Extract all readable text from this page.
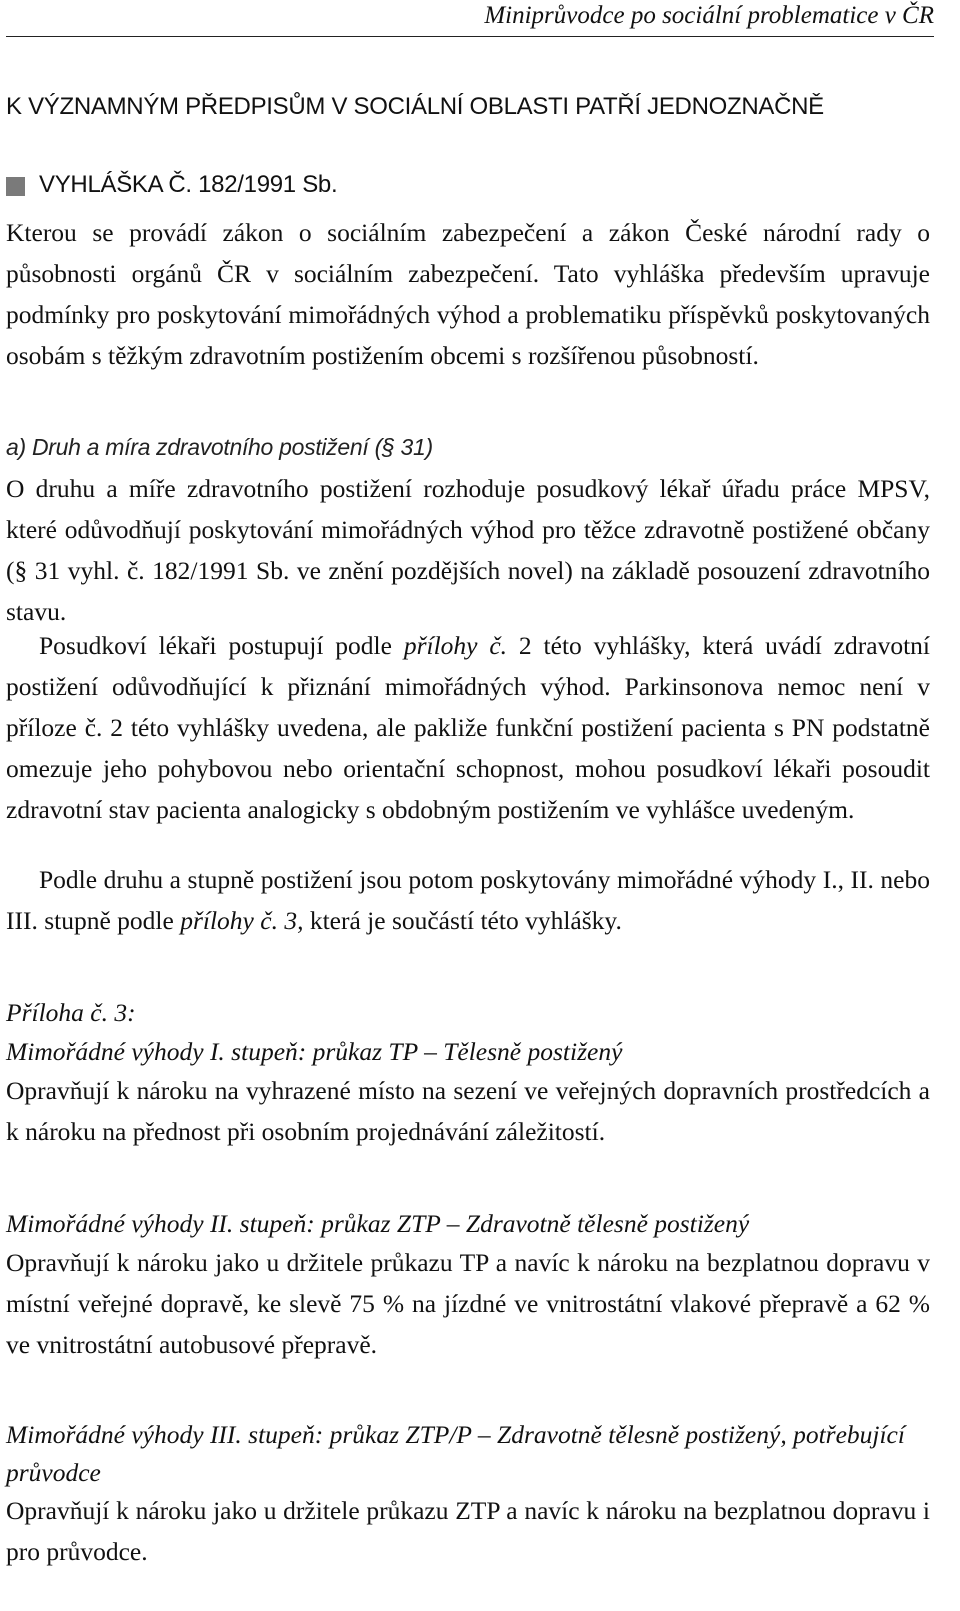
Miniprůvodce po sociální problematice v ČR
K VÝZNAMNÝM PŘEDPISŮM V SOCIÁLNÍ OBLASTI PATŘÍ JEDNOZNAČNĚ
VYHLÁŠKA Č. 182/1991 Sb.
Kterou se provádí zákon o sociálním zabezpečení a zákon České národní rady o působnosti orgánů ČR v sociálním zabezpečení. Tato vyhláška především upravuje podmínky pro poskytování mimořádných výhod a problematiku příspěvků poskytovaných osobám s těžkým zdravotním postižením obcemi s rozšířenou působností.
a) Druh a míra zdravotního postižení (§ 31)
O druhu a míře zdravotního postižení rozhoduje posudkový lékař úřadu práce MPSV, které odůvodňují poskytování mimořádných výhod pro těžce zdravotně postižené občany (§ 31 vyhl. č. 182/1991 Sb. ve znění pozdějších novel) na základě posouzení zdravotního stavu.
Posudkoví lékaři postupují podle přílohy č. 2 této vyhlášky, která uvádí zdravotní postižení odůvodňující k přiznání mimořádných výhod. Parkinsonova nemoc není v příloze č. 2 této vyhlášky uvedena, ale pakliže funkční postižení pacienta s PN podstatně omezuje jeho pohybovou nebo orientační schopnost, mohou posudkoví lékaři posoudit zdravotní stav pacienta analogicky s obdobným postižením ve vyhlášce uvedeným.
Podle druhu a stupně postižení jsou potom poskytovány mimořádné výhody I., II. nebo III. stupně podle přílohy č. 3, která je součástí této vyhlášky.
Příloha č. 3:
Mimořádné výhody I. stupeň: průkaz TP – Tělesně postižený
Opravňují k nároku na vyhrazené místo na sezení ve veřejných dopravních prostředcích a k nároku na přednost při osobním projednávání záležitostí.
Mimořádné výhody II. stupeň: průkaz ZTP – Zdravotně tělesně postižený
Opravňují k nároku jako u držitele průkazu TP a navíc k nároku na bezplatnou dopravu v místní veřejné dopravě, ke slevě 75 % na jízdné ve vnitrostátní vlakové přepravě a 62 % ve vnitrostátní autobusové přepravě.
Mimořádné výhody III. stupeň: průkaz ZTP/P – Zdravotně tělesně postižený, potřebující průvodce
Opravňují k nároku jako u držitele průkazu ZTP a navíc k nároku na bezplatnou dopravu i pro průvodce.
